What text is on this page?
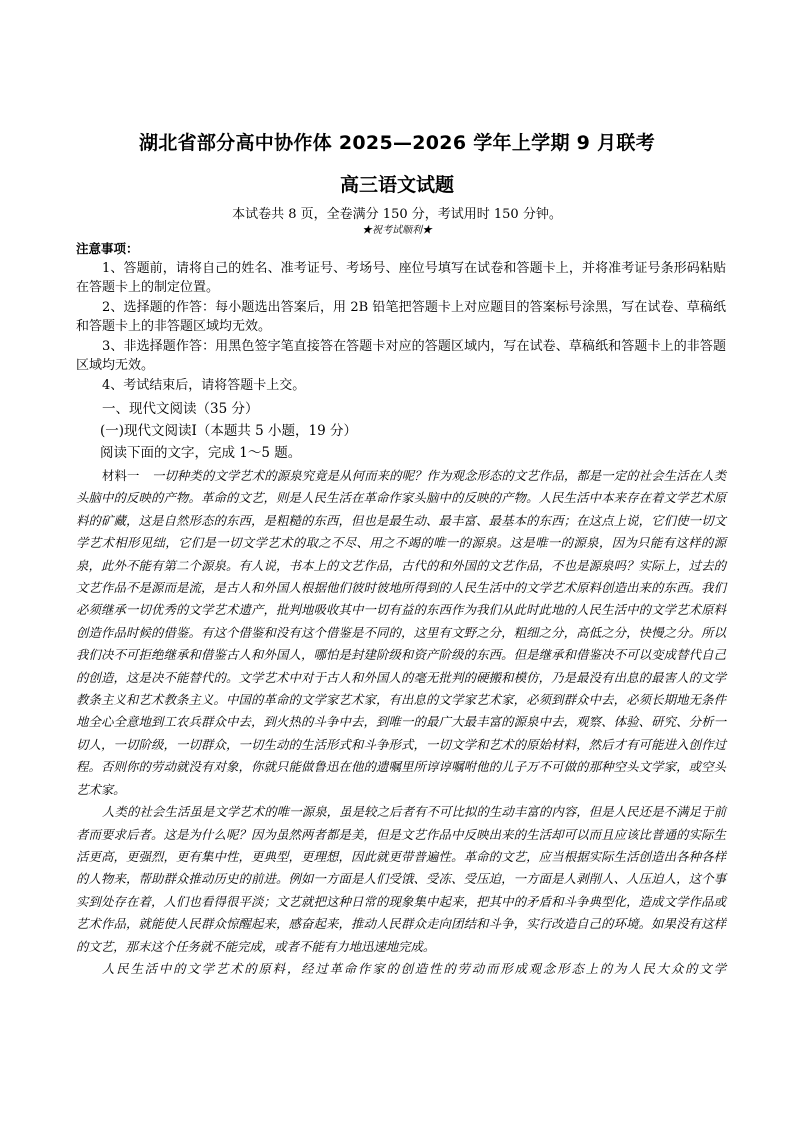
湖北省部分高中协作体 2025—2026 学年上学期 9 月联考
高三语文试题
本试卷共 8 页，全卷满分 150 分，考试用时 150 分钟。
★祝考试顺利★
注意事项：

1、答题前，请将自己的姓名、准考证号、考场号、座位号填写在试卷和答题卡上，并将准考证号条形码粘贴在答题卡上的制定位置。

2、选择题的作答：每小题选出答案后，用 2B 铅笔把答题卡上对应题目的答案标号涂黑，写在试卷、草稿纸和答题卡上的非答题区域均无效。

3、非选择题作答：用黑色签字笔直接答在答题卡对应的答题区域内，写在试卷、草稿纸和答题卡上的非答题区域均无效。

4、考试结束后，请将答题卡上交。

一、现代文阅读（35 分）
(一)现代文阅读Ⅰ（本题共 5 小题，19 分）
阅读下面的文字，完成 1～5 题。

材料一　 一切种类的文学艺术的源泉究竟是从何而来的呢？作为观念形态的文艺作品，都是一定的社会生活在人类头脑中的反映的产物。革命的文艺，则是人民生活在革命作家头脑中的反映的产物。人民生活中本来存在着文学艺术原料的矿藏，这是自然形态的东西，是粗糙的东西，但也是最生动、最丰富、最基本的东西；在这点上说，它们使一切文学艺术相形见绌，它们是一切文学艺术的取之不尽、用之不竭的唯一的源泉。这是唯一的源泉，因为只能有这样的源泉，此外不能有第二个源泉。有人说，书本上的文艺作品，古代的和外国的文艺作品，不也是源泉吗？实际上，过去的文艺作品不是源而是流，是古人和外国人根据他们彼时彼地所得到的人民生活中的文学艺术原料创造出来的东西。我们必须继承一切优秀的文学艺术遗产，批判地吸收其中一切有益的东西作为我们从此时此地的人民生活中的文学艺术原料创造作品时候的借鉴。有这个借鉴和没有这个借鉴是不同的，这里有文野之分，粗细之分，高低之分，快慢之分。所以我们决不可拒绝继承和借鉴古人和外国人，哪怕是封建阶级和资产阶级的东西。但是继承和借鉴决不可以变成替代自己的创造，这是决不能替代的。文学艺术中对于古人和外国人的毫无批判的硬搬和模仿，乃是最没有出息的最害人的文学教条主义和艺术教条主义。中国的革命的文学家艺术家，有出息的文学家艺术家，必须到群众中去，必须长期地无条件地全心全意地到工农兵群众中去，到火热的斗争中去，到唯一的最广大最丰富的源泉中去，观察、体验、研究、分析一切人，一切阶级，一切群众，一切生动的生活形式和斗争形式，一切文学和艺术的原始材料，然后才有可能进入创作过程。否则你的劳动就没有对象，你就只能做鲁迅在他的遗嘱里所谆谆嘱咐他的儿子万不可做的那种空头文学家，或空头艺术家。

人类的社会生活虽是文学艺术的唯一源泉，虽是较之后者有不可比拟的生动丰富的内容，但是人民还是不满足于前者而要求后者。这是为什么呢？因为虽然两者都是美，但是文艺作品中反映出来的生活却可以而且应该比普通的实际生活更高，更强烈，更有集中性，更典型，更理想，因此就更带普遍性。革命的文艺，应当根据实际生活创造出各种各样的人物来，帮助群众推动历史的前进。例如一方面是人们受饿、受冻、受压迫，一方面是人剥削人、人压迫人，这个事实到处存在着，人们也看得很平淡；文艺就把这种日常的现象集中起来，把其中的矛盾和斗争典型化，造成文学作品或艺术作品，就能使人民群众惊醒起来，感奋起来，推动人民群众走向团结和斗争，实行改造自己的环境。如果没有这样的文艺，那末这个任务就不能完成，或者不能有力地迅速地完成。

人民生活中的文学艺术的原料，经过革命作家的创造性的劳动而形成观念形态上的为人民大众的文学
